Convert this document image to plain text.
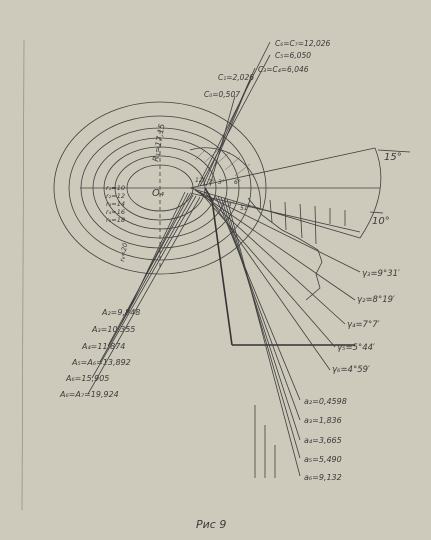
O₄
15°
10°
R₁=17,15
r₁=10
r₂=12
r₃=14
r₄=16
r₅=18
r₆=20
C₆=C₇=12,026
C₅=6,050
C₃=C₄=6,046
C₁=2,026
C₀=0,507
12° 7° 3° 6°
51°
3°
γ₃=9°31′
γ₂=8°19′
γ₄=7°7′
γ₅=5°44′
γ₆=4°59′
a₂=0,4598
a₃=1,836
a₄=3,665
a₅=5,490
a₆=9,132
A₂=9,848
A₃=10,355
A₄=11,874
A₅=A₆=13,892
A₆=15,905
A₆=A₇=19,924
Рис 9
